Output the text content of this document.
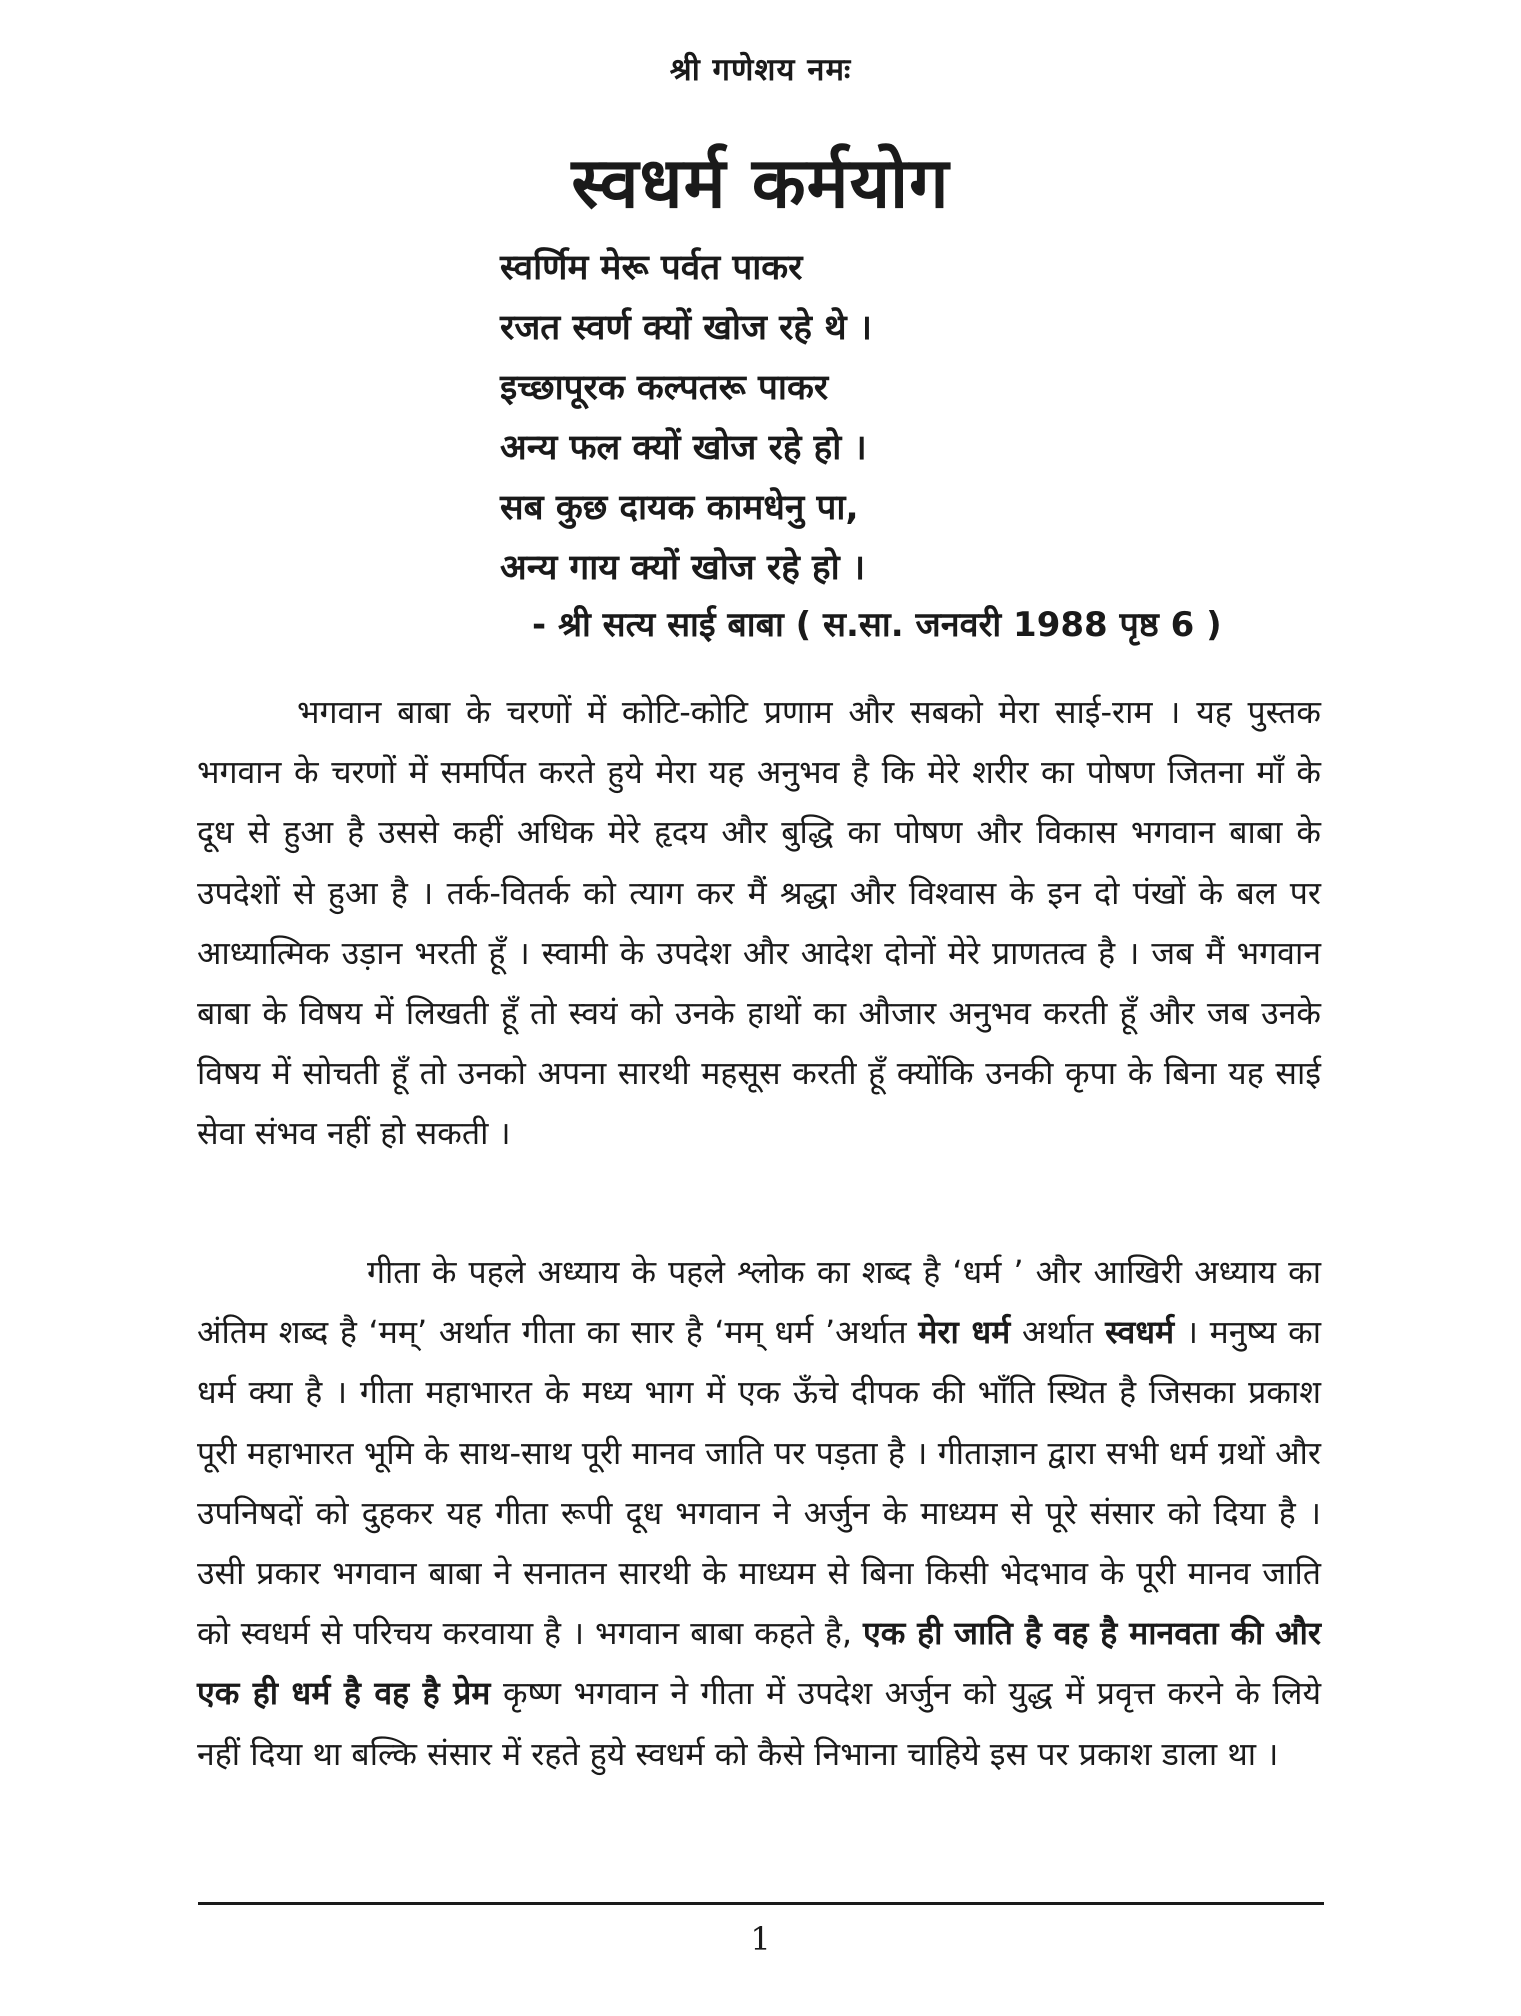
श्री गणेशय नमः
स्वधर्म कर्मयोग
स्वर्णिम मेरू पर्वत पाकर
रजत स्वर्ण क्यों खोज रहे थे ।
इच्छापूरक कल्पतरू पाकर
अन्य फल क्यों खोज रहे हो ।
सब कुछ दायक कामधेनु पा,
अन्य गाय क्यों खोज रहे हो ।
- श्री सत्य साई बाबा ( स.सा. जनवरी 1988 पृष्ठ 6 )

भगवान बाबा के चरणों में कोटि-कोटि प्रणाम और सबको मेरा साई-राम । यह पुस्तक भगवान के चरणों में समर्पित करते हुये मेरा यह अनुभव है कि मेरे शरीर का पोषण जितना माँ के दूध से हुआ है उससे कहीं अधिक मेरे हृदय और बुद्धि का पोषण और विकास भगवान बाबा के उपदेशों से हुआ है । तर्क-वितर्क को त्याग कर मैं श्रद्धा और विश्वास के इन दो पंखों के बल पर आध्यात्मिक उड़ान भरती हूँ । स्वामी के उपदेश और आदेश दोनों मेरे प्राणतत्व है । जब मैं भगवान बाबा के विषय में लिखती हूँ तो स्वयं को उनके हाथों का औजार अनुभव करती हूँ और जब उनके विषय में सोचती हूँ तो उनको अपना सारथी महसूस करती हूँ क्योंकि उनकी कृपा के बिना यह साई सेवा संभव नहीं हो सकती ।

गीता के पहले अध्याय के पहले श्लोक का शब्द है ‘धर्म ’ और आखिरी अध्याय का अंतिम शब्द है ‘मम्’ अर्थात गीता का सार है ‘मम् धर्म ’अर्थात मेरा धर्म अर्थात स्वधर्म । मनुष्य का धर्म क्या है । गीता महाभारत के मध्य भाग में एक ऊँचे दीपक की भाँति स्थित है जिसका प्रकाश पूरी महाभारत भूमि के साथ-साथ पूरी मानव जाति पर पड़ता है । गीताज्ञान द्वारा सभी धर्म ग्रथों और उपनिषदों को दुहकर यह गीता रूपी दूध भगवान ने अर्जुन के माध्यम से पूरे संसार को दिया है । उसी प्रकार भगवान बाबा ने सनातन सारथी के माध्यम से बिना किसी भेदभाव के पूरी मानव जाति को स्वधर्म से परिचय करवाया है । भगवान बाबा कहते है, एक ही जाति है वह है मानवता की और एक ही धर्म है वह है प्रेम कृष्ण भगवान ने गीता में उपदेश अर्जुन को युद्ध में प्रवृत्त करने के लिये नहीं दिया था बल्कि संसार में रहते हुये स्वधर्म को कैसे निभाना चाहिये इस पर प्रकाश डाला था ।

1
